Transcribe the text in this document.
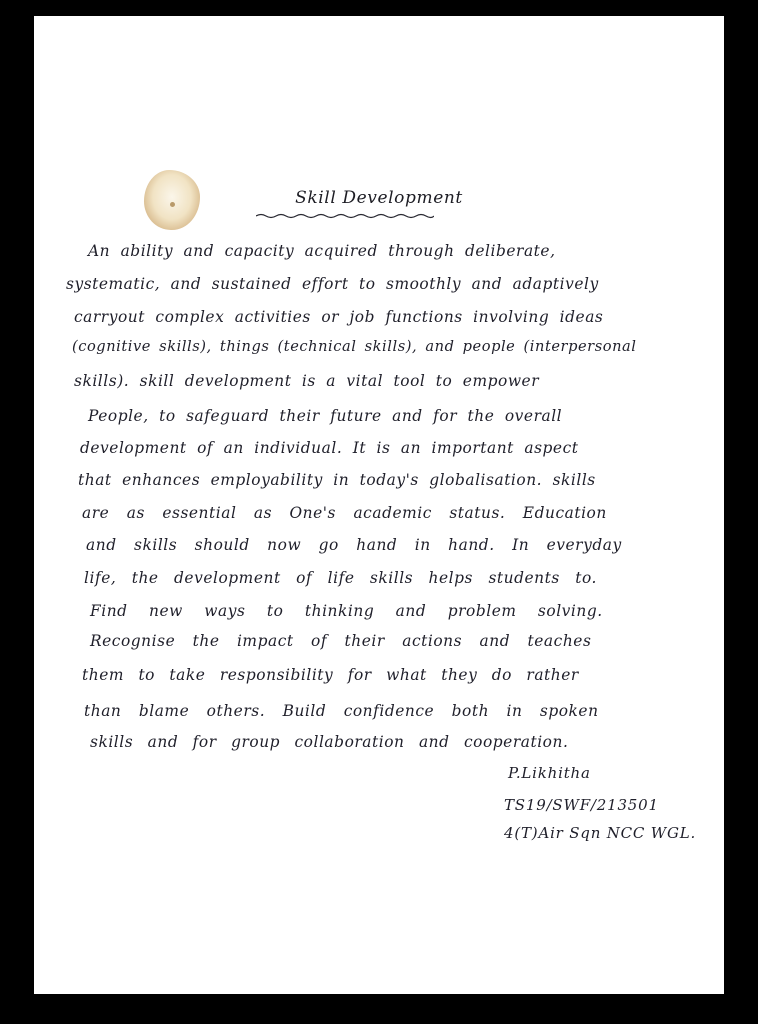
Skill Development

An ability and capacity acquired through deliberate,

systematic, and sustained effort to smoothly and adaptively

carryout complex activities or job functions involving ideas

(cognitive skills), things (technical skills), and people (interpersonal

skills). skill development is a vital tool to empower

People, to safeguard their future and for the overall

development of an individual. It is an important aspect

that enhances employability in today's globalisation. skills

are as essential as One's academic status. Education

and skills should now go hand in hand. In everyday

life, the development of life skills helps students to.

Find new ways to thinking and problem solving.

Recognise the impact of their actions and teaches

them to take responsibility for what they do rather

than blame others. Build confidence both in spoken

skills and for group collaboration and cooperation.

P.Likhitha

TS19/SWF/213501

4(T)Air Sqn NCC WGL.
